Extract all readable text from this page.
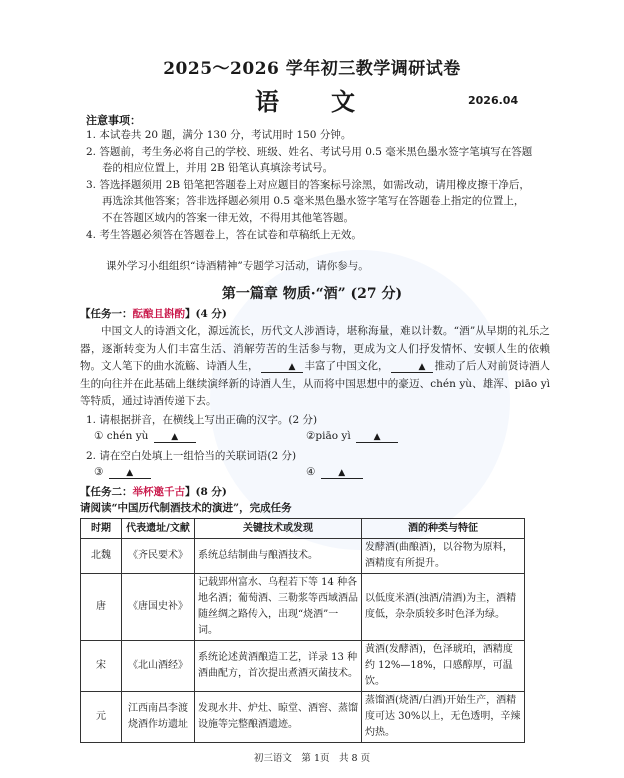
2025～2026 学年初三教学调研试卷
语　文	2026.04
注意事项：
1. 本试卷共 20 题，满分 130 分，考试用时 150 分钟。
2. 答题前，考生务必将自己的学校、班级、姓名、考试号用 0.5 毫米黑色墨水签字笔填写在答题
卷的相应位置上，并用 2B 铅笔认真填涂考试号。
3. 答选择题须用 2B 铅笔把答题卷上对应题目的答案标号涂黑，如需改动，请用橡皮擦干净后，
再选涂其他答案；答非选择题必须用 0.5 毫米黑色墨水签字笔写在答题卷上指定的位置上，
不在答题区域内的答案一律无效，不得用其他笔答题。
4. 考生答题必须答在答题卷上，答在试卷和草稿纸上无效。
课外学习小组组织“诗酒精神”专题学习活动，请你参与。
第一篇章 物质·“酒” (27 分)
【任务一：酝酿且斟酌】(4 分)

中国文人的诗酒文化，源远流长，历代文人涉酒诗，堪称海量，难以计数。“酒”从早期的礼乐之器，逐渐转变为人们丰富生活、消解劳苦的生活参与物，更成为文人们抒发情怀、安顿人生的依赖物。文人笔下的曲水流觞、诗酒人生，	▲ 丰富了中国文化，	▲ 推动了后人对前贤诗酒人生的向往并在此基础上继续演绎新的诗酒人生，从而将中国思想中的豪迈、chén yù、雄浑、piāo yì等特质，通过诗酒传递下去。

1. 请根据拼音，在横线上写出正确的汉字。(2 分)
① chén yù	▲	②piāo yì	▲
2. 请在空白处填上一组恰当的关联词语(2 分)
③	▲	④	▲
【任务二：举杯邀千古】(8 分)
请阅读“中国历代制酒技术的演进”，完成任务
时期	代表遗址/文献	关键技术或发现	酒的种类与特征
北魏	《齐民要术》	系统总结制曲与酿酒技术。	发酵酒(曲酿酒)，以谷物为原料，酒精度有所提升。
唐	《唐国史补》	记载郢州富水、乌程若下等 14 种各地名酒；葡萄酒、三勒浆等西域酒品随丝绸之路传入，出现“烧酒”一词。	以低度米酒(浊酒/清酒)为主，酒精度低，杂杂质较多时色泽为绿。
宋	《北山酒经》	系统论述黄酒酿造工艺，详录 13 种酒曲配方，首次提出煮酒灭菌技术。	黄酒(发酵酒)，色泽琥珀，酒精度约 12%—18%，口感醇厚，可温饮。
元	江西南昌李渡烧酒作坊遗址	发现水井、炉灶、晾堂、酒窖、蒸馏设施等完整酿酒遗迹。	蒸馏酒(烧酒/白酒)开始生产，酒精度可达 30%以上，无色透明，辛辣灼热。
初三语文　第 1页　共 8 页
